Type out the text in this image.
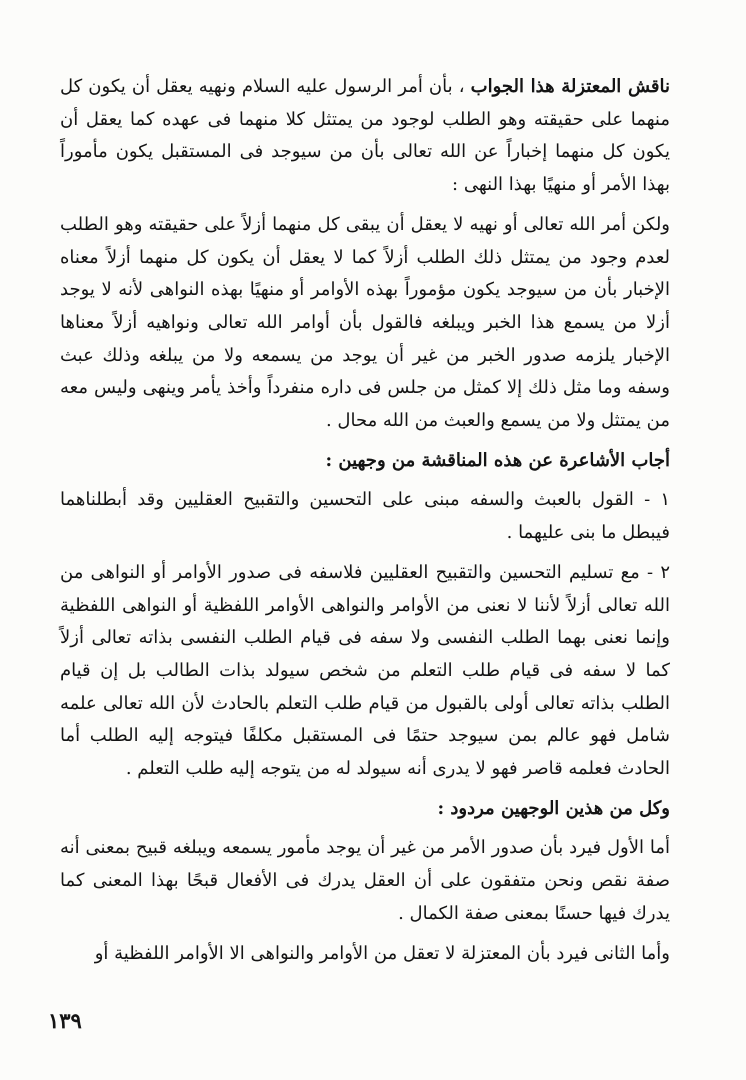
ناقش المعتزلة هذا الجواب ، بأن أمر الرسول عليه السلام ونهيه يعقل أن يكون كل منهما على حقيقته وهو الطلب لوجود من يمتثل كلا منهما فى عهده كما يعقل أن يكون كل منهما إخباراً عن الله تعالى بأن من سيوجد فى المستقبل يكون مأموراً بهذا الأمر أو منهيًا بهذا النهى :

ولكن أمر الله تعالى أو نهيه لا يعقل أن يبقى كل منهما أزلاً على حقيقته وهو الطلب لعدم وجود من يمتثل ذلك الطلب أزلاً كما لا يعقل أن يكون كل منهما أزلاً معناه الإخبار بأن من سيوجد يكون مؤموراً بهذه الأوامر أو منهيًا بهذه النواهى لأنه لا يوجد أزلا من يسمع هذا الخبر ويبلغه فالقول بأن أوامر الله تعالى ونواهيه أزلاً معناها الإخبار يلزمه صدور الخبر من غير أن يوجد من يسمعه ولا من يبلغه وذلك عبث وسفه وما مثل ذلك إلا كمثل من جلس فى داره منفرداً وأخذ يأمر وينهى وليس معه من يمتثل ولا من يسمع والعبث من الله محال .

أجاب الأشاعرة عن هذه المناقشة من وجهين :

١ - القول بالعبث والسفه مبنى على التحسين والتقبيح العقليين وقد أبطلناهما فيبطل ما بنى عليهما .

٢ - مع تسليم التحسين والتقبيح العقليين فلاسفه فى صدور الأوامر أو النواهى من الله تعالى أزلاً لأننا لا نعنى من الأوامر والنواهى الأوامر اللفظية أو النواهى اللفظية وإنما نعنى بهما الطلب النفسى ولا سفه فى قيام الطلب النفسى بذاته تعالى أزلاً كما لا سفه فى قيام طلب التعلم من شخص سيولد بذات الطالب بل إن قيام الطلب بذاته تعالى أولى بالقبول من قيام طلب التعلم بالحادث لأن الله تعالى علمه شامل فهو عالم بمن سيوجد حتمًا فى المستقبل مكلفًا فيتوجه إليه الطلب أما الحادث فعلمه قاصر فهو لا يدرى أنه سيولد له من يتوجه إليه طلب التعلم .

وكل من هذين الوجهين مردود :

أما الأول فيرد بأن صدور الأمر من غير أن يوجد مأمور يسمعه ويبلغه قبيح بمعنى أنه صفة نقص ونحن متفقون على أن العقل يدرك فى الأفعال قبحًا بهذا المعنى كما يدرك فيها حسنًا بمعنى صفة الكمال .

وأما الثانى فيرد بأن المعتزلة لا تعقل من الأوامر والنواهى الا الأوامر اللفظية أو

١٣٩
